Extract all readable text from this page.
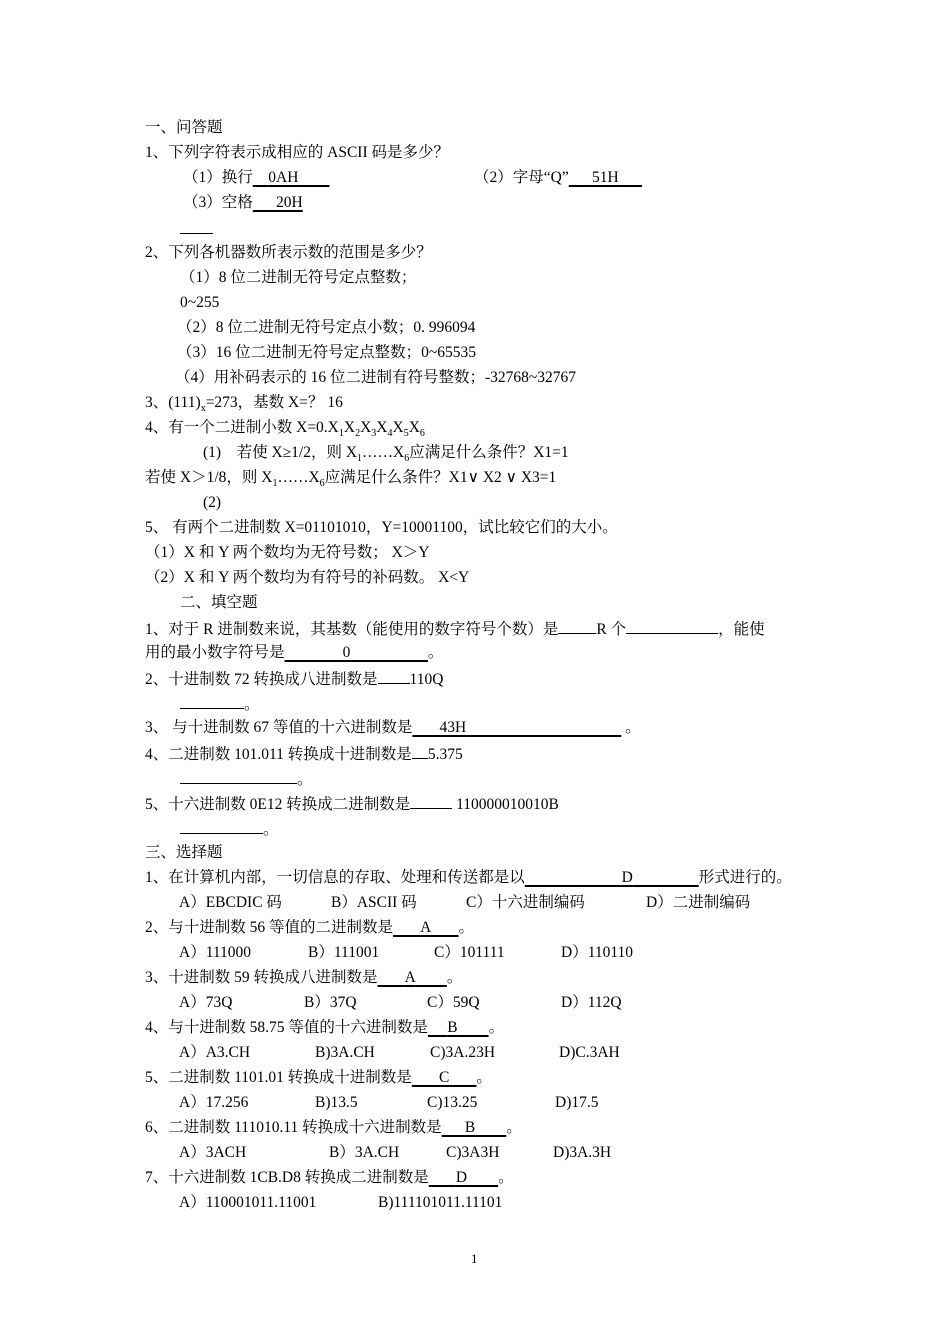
一、问答题
1、下列字符表示成相应的 ASCII 码是多少？
（1）换行 0AH	（2）字母“Q” 51H
（3）空格 20H
2、下列各机器数所表示数的范围是多少？
（1）8 位二进制无符号定点整数；
0~255
（2）8 位二进制无符号定点小数；0. 996094
（3）16 位二进制无符号定点整数；0~65535
（4）用补码表示的 16 位二进制有符号整数；-32768~32767
3、$(111)_x=273$，基数 X=？ 16
4、有一个二进制小数 $X=0.X_1X_2X_3X_4X_5X_6$
(1)    若使 X≥1/2，则 $X_1\dots\dots X_6$应满足什么条件？X1=1
若使 X＞1/8，则 $X_1\dots\dots X_6$应满足什么条件？X1∨ X2 ∨ X3=1
(2)
5、 有两个二进制数 X=01101010，Y=10001100，试比较它们的大小。
（1）X 和 Y 两个数均为无符号数； X＞Y
（2）X 和 Y 两个数均为有符号的补码数。 X<Y
二、填空题
1、对于 R 进制数来说，其基数（能使用的数字符号个数）是 R 个	，能使
用的最小数字符号是	0	。
2、十进制数 72 转换成八进制数是 110Q
。
3、 与十进制数 67 等值的十六进制数是 43H	。
4、二进制数 101.011 转换成十进制数是 5.375
。
5、十六进制数 0E12 转换成二进制数是	110000010010B
。
三、选择题
1、在计算机内部，一切信息的存取、处理和传送都是以	D	形式进行的。
A）EBCDIC 码	B）ASCII 码	C）十六进制编码	D）二进制编码
2、与十进制数 56 等值的二进制数是 A 。
A）111000	B）111001	C）101111	D）110110
3、十进制数 59 转换成八进制数是 A 。
A）73Q	B）37Q	C）59Q	D）112Q
4、与十进制数 58.75 等值的十六进制数是 B 。
A）A3.CH	B)3A.CH	C)3A.23H	D)C.3AH
5、二进制数 1101.01 转换成十进制数是 C 。
A）17.256	B)13.5	C)13.25	D)17.5
6、二进制数 111010.11 转换成十六进制数是 B 。
A）3ACH	B）3A.CH	C)3A3H	D)3A.3H
7、十六进制数 1CB.D8 转换成二进制数是 D 。
A）110001011.11001	B)111101011.11101
1
